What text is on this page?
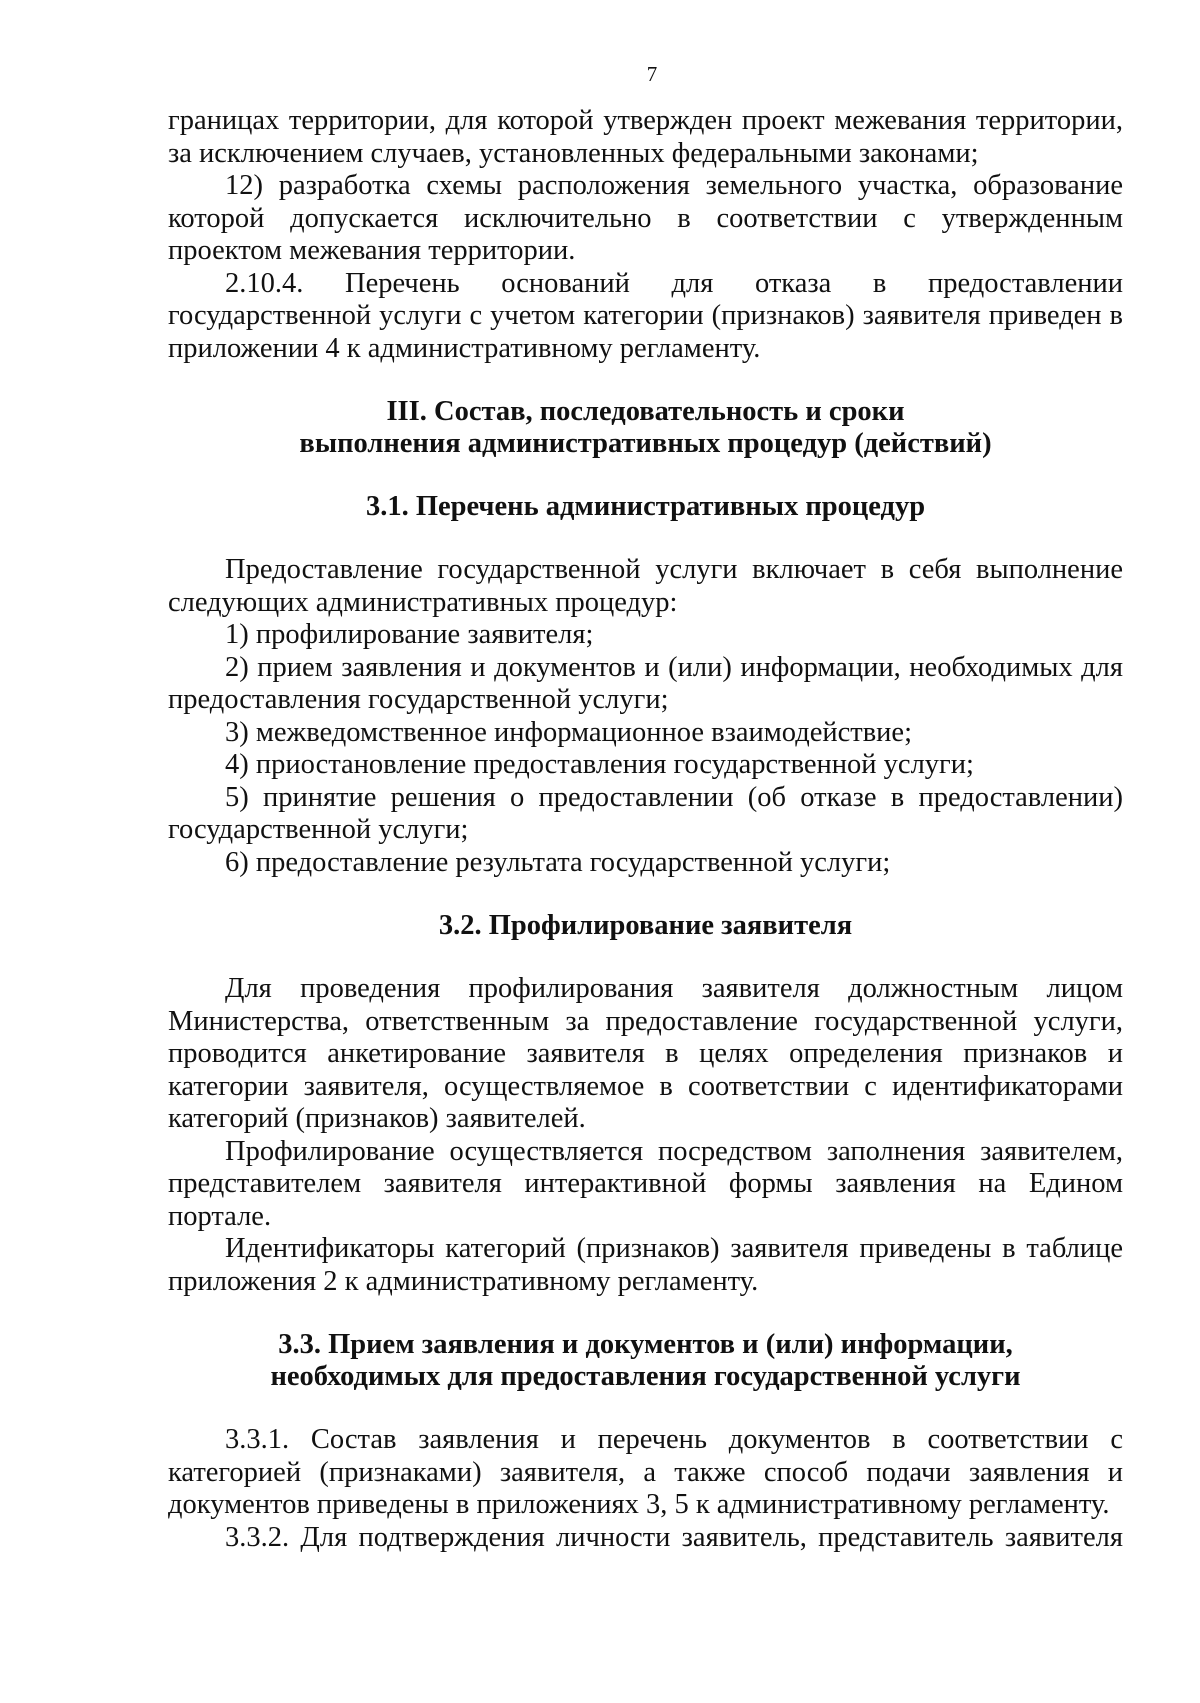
7

границах территории, для которой утвержден проект межевания территории, за исключением случаев, установленных федеральными законами;

12) разработка схемы расположения земельного участка, образование которой допускается исключительно в соответствии с утвержденным проектом межевания территории.

2.10.4. Перечень оснований для отказа в предоставлении государственной услуги с учетом категории (признаков) заявителя приведен в приложении 4 к административному регламенту.

III. Состав, последовательность и сроки
выполнения административных процедур (действий)
3.1. Перечень административных процедур

Предоставление государственной услуги включает в себя выполнение следующих административных процедур:

1) профилирование заявителя;

2) прием заявления и документов и (или) информации, необходимых для предоставления государственной услуги;

3) межведомственное информационное взаимодействие;

4) приостановление предоставления государственной услуги;

5) принятие решения о предоставлении (об отказе в предоставлении) государственной услуги;

6) предоставление результата государственной услуги;

3.2. Профилирование заявителя

Для проведения профилирования заявителя должностным лицом Министерства, ответственным за предоставление государственной услуги, проводится анкетирование заявителя в целях определения признаков и категории заявителя, осуществляемое в соответствии с идентификаторами категорий (признаков) заявителей.

Профилирование осуществляется посредством заполнения заявителем, представителем заявителя интерактивной формы заявления на Едином портале.

Идентификаторы категорий (признаков) заявителя приведены в таблице приложения 2 к административному регламенту.

3.3. Прием заявления и документов и (или) информации,
необходимых для предоставления государственной услуги

3.3.1. Состав заявления и перечень документов в соответствии с категорией (признаками) заявителя, а также способ подачи заявления и документов приведены в приложениях 3, 5 к административному регламенту.

3.3.2. Для подтверждения личности заявитель, представитель заявителя
